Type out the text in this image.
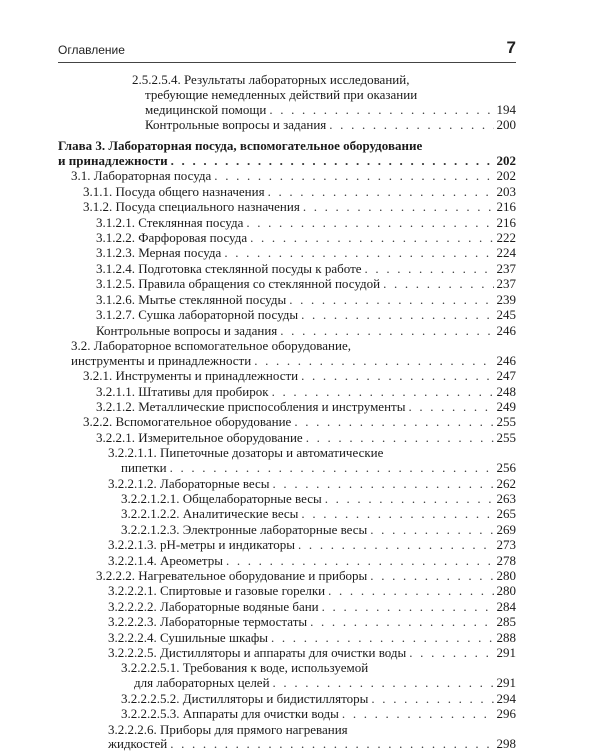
Оглавление	7
2.5.2.5.4. Результаты лабораторных исследований,
требующие немедленных действий при оказании
медицинской помощи . . .	194
Контрольные вопросы и задания . . .	200
Глава 3. Лабораторная посуда, вспомогательное оборудование
и принадлежности . . .	202
3.1. Лабораторная посуда . . .	202
3.1.1. Посуда общего назначения . . .	203
3.1.2. Посуда специального назначения . . .	216
3.1.2.1. Стеклянная посуда . . .	216
3.1.2.2. Фарфоровая посуда . . .	222
3.1.2.3. Мерная посуда . . .	224
3.1.2.4. Подготовка стеклянной посуды к работе . . .	237
3.1.2.5. Правила обращения со стеклянной посудой . . .	237
3.1.2.6. Мытье стеклянной посуды . . .	239
3.1.2.7. Сушка лабораторной посуды . . .	245
Контрольные вопросы и задания . . .	246
3.2. Лабораторное вспомогательное оборудование,
инструменты и принадлежности . . .	246
3.2.1. Инструменты и принадлежности . . .	247
3.2.1.1. Штативы для пробирок . . .	248
3.2.1.2. Металлические приспособления и инструменты . . .	249
3.2.2. Вспомогательное оборудование . . .	255
3.2.2.1. Измерительное оборудование . . .	255
3.2.2.1.1. Пипеточные дозаторы и автоматические
пипетки . . .	256
3.2.2.1.2. Лабораторные весы . . .	262
3.2.2.1.2.1. Общелабораторные весы . . .	263
3.2.2.1.2.2. Аналитические весы . . .	265
3.2.2.1.2.3. Электронные лабораторные весы . . .	269
3.2.2.1.3. pH-метры и индикаторы . . .	273
3.2.2.1.4. Ареометры . . .	278
3.2.2.2. Нагревательное оборудование и приборы . . .	280
3.2.2.2.1. Спиртовые и газовые горелки . . .	280
3.2.2.2.2. Лабораторные водяные бани . . .	284
3.2.2.2.3. Лабораторные термостаты . . .	285
3.2.2.2.4. Сушильные шкафы . . .	288
3.2.2.2.5. Дистилляторы и аппараты для очистки воды . . .	291
3.2.2.2.5.1. Требования к воде, используемой
для лабораторных целей . . .	291
3.2.2.2.5.2. Дистилляторы и бидистилляторы . . .	294
3.2.2.2.5.3. Аппараты для очистки воды . . .	296
3.2.2.2.6. Приборы для прямого нагревания
жидкостей . . .	298
